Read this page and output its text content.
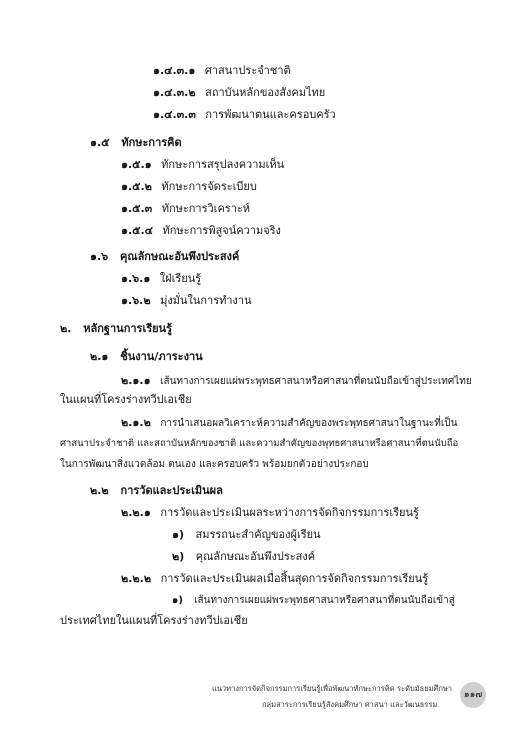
๑.๔.๓.๑ ศาสนาประจำชาติ
๑.๔.๓.๒ สถาบันหลักของสังคมไทย
๑.๔.๓.๓ การพัฒนาตนและครอบครัว
๑.๕ ทักษะการคิด
๑.๕.๑ ทักษะการสรุปลงความเห็น
๑.๕.๒ ทักษะการจัดระเบียบ
๑.๕.๓ ทักษะการวิเคราะห์
๑.๕.๔ ทักษะการพิสูจน์ความจริง
๑.๖ คุณลักษณะอันพึงประสงค์
๑.๖.๑ ใฝ่เรียนรู้
๑.๖.๒ มุ่งมั่นในการทำงาน
๒. หลักฐานการเรียนรู้
๒.๑ ชิ้นงาน/ภาระงาน
๒.๑.๑ เส้นทางการเผยแผ่พระพุทธศาสนาหรือศาสนาที่ตนนับถือเข้าสู่ประเทศไทย
ในแผนที่โครงร่างทวีปเอเชีย
๒.๑.๒ การนำเสนอผลวิเคราะห์ความสำคัญของพระพุทธศาสนาในฐานะที่เป็น
ศาสนาประจำชาติ และสถาบันหลักของชาติ และความสำคัญของพุทธศาสนาหรือศาสนาที่ตนนับถือ
ในการพัฒนาสิ่งแวดล้อม ตนเอง และครอบครัว พร้อมยกตัวอย่างประกอบ
๒.๒ การวัดและประเมินผล
๒.๒.๑ การวัดและประเมินผลระหว่างการจัดกิจกรรมการเรียนรู้
๑) สมรรถนะสำคัญของผู้เรียน
๒) คุณลักษณะอันพึงประสงค์
๒.๒.๒ การวัดและประเมินผลเมื่อสิ้นสุดการจัดกิจกรรมการเรียนรู้
๑) เส้นทางการเผยแผ่พระพุทธศาสนาหรือศาสนาที่ตนนับถือเข้าสู่
ประเทศไทยในแผนที่โครงร่างทวีปเอเชีย
แนวทางการจัดกิจกรรมการเรียนรู้เพื่อพัฒนาทักษะการคิด ระดับมัธยมศึกษา
กลุ่มสาระการเรียนรู้สังคมศึกษา ศาสนา และวัฒนธรรม
๑๑๗
